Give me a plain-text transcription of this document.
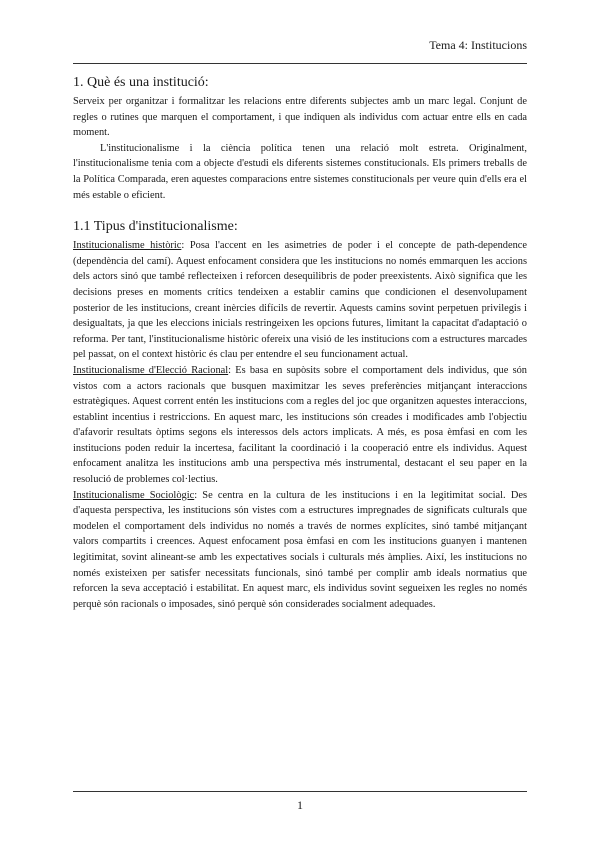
Tema 4: Institucions
1. Què és una institució:

Serveix per organitzar i formalitzar les relacions entre diferents subjectes amb un marc legal. Conjunt de regles o rutines que marquen el comportament, i que indiquen als individus com actuar entre ells en cada moment.

L'institucionalisme i la ciència política tenen una relació molt estreta. Originalment, l'institucionalisme tenia com a objecte d'estudi els diferents sistemes constitucionals. Els primers treballs de la Política Comparada, eren aquestes comparacions entre sistemes constitucionals per veure quin d'ells era el més estable o eficient.

1.1 Tipus d'institucionalisme:

Institucionalisme històric: Posa l'accent en les asimetries de poder i el concepte de path-dependence (dependència del camí). Aquest enfocament considera que les institucions no només emmarquen les accions dels actors sinó que també reflecteixen i reforcen desequilibris de poder preexistents. Això significa que les decisions preses en moments crítics tendeixen a establir camins que condicionen el desenvolupament posterior de les institucions, creant inèrcies difícils de revertir. Aquests camins sovint perpetuen privilegis i desigualtats, ja que les eleccions inicials restringeixen les opcions futures, limitant la capacitat d'adaptació o reforma. Per tant, l'institucionalisme històric ofereix una visió de les institucions com a estructures marcades pel passat, on el context històric és clau per entendre el seu funcionament actual.

Institucionalisme d'Elecció Racional: Es basa en supòsits sobre el comportament dels individus, que són vistos com a actors racionals que busquen maximitzar les seves preferències mitjançant interaccions estratègiques. Aquest corrent entén les institucions com a regles del joc que organitzen aquestes interaccions, establint incentius i restriccions. En aquest marc, les institucions són creades i modificades amb l'objectiu d'afavorir resultats òptims segons els interessos dels actors implicats. A més, es posa èmfasi en com les institucions poden reduir la incertesa, facilitant la coordinació i la cooperació entre els individus. Aquest enfocament analitza les institucions amb una perspectiva més instrumental, destacant el seu paper en la resolució de problemes col·lectius.

Institucionalisme Sociològic: Se centra en la cultura de les institucions i en la legitimitat social. Des d'aquesta perspectiva, les institucions són vistes com a estructures impregnades de significats culturals que modelen el comportament dels individus no només a través de normes explícites, sinó també mitjançant valors compartits i creences. Aquest enfocament posa èmfasi en com les institucions guanyen i mantenen legitimitat, sovint alineant-se amb les expectatives socials i culturals més àmplies. Així, les institucions no només existeixen per satisfer necessitats funcionals, sinó també per complir amb ideals normatius que reforcen la seva acceptació i estabilitat. En aquest marc, els individus sovint segueixen les regles no només perquè són racionals o imposades, sinó perquè són considerades socialment adequades.

1
